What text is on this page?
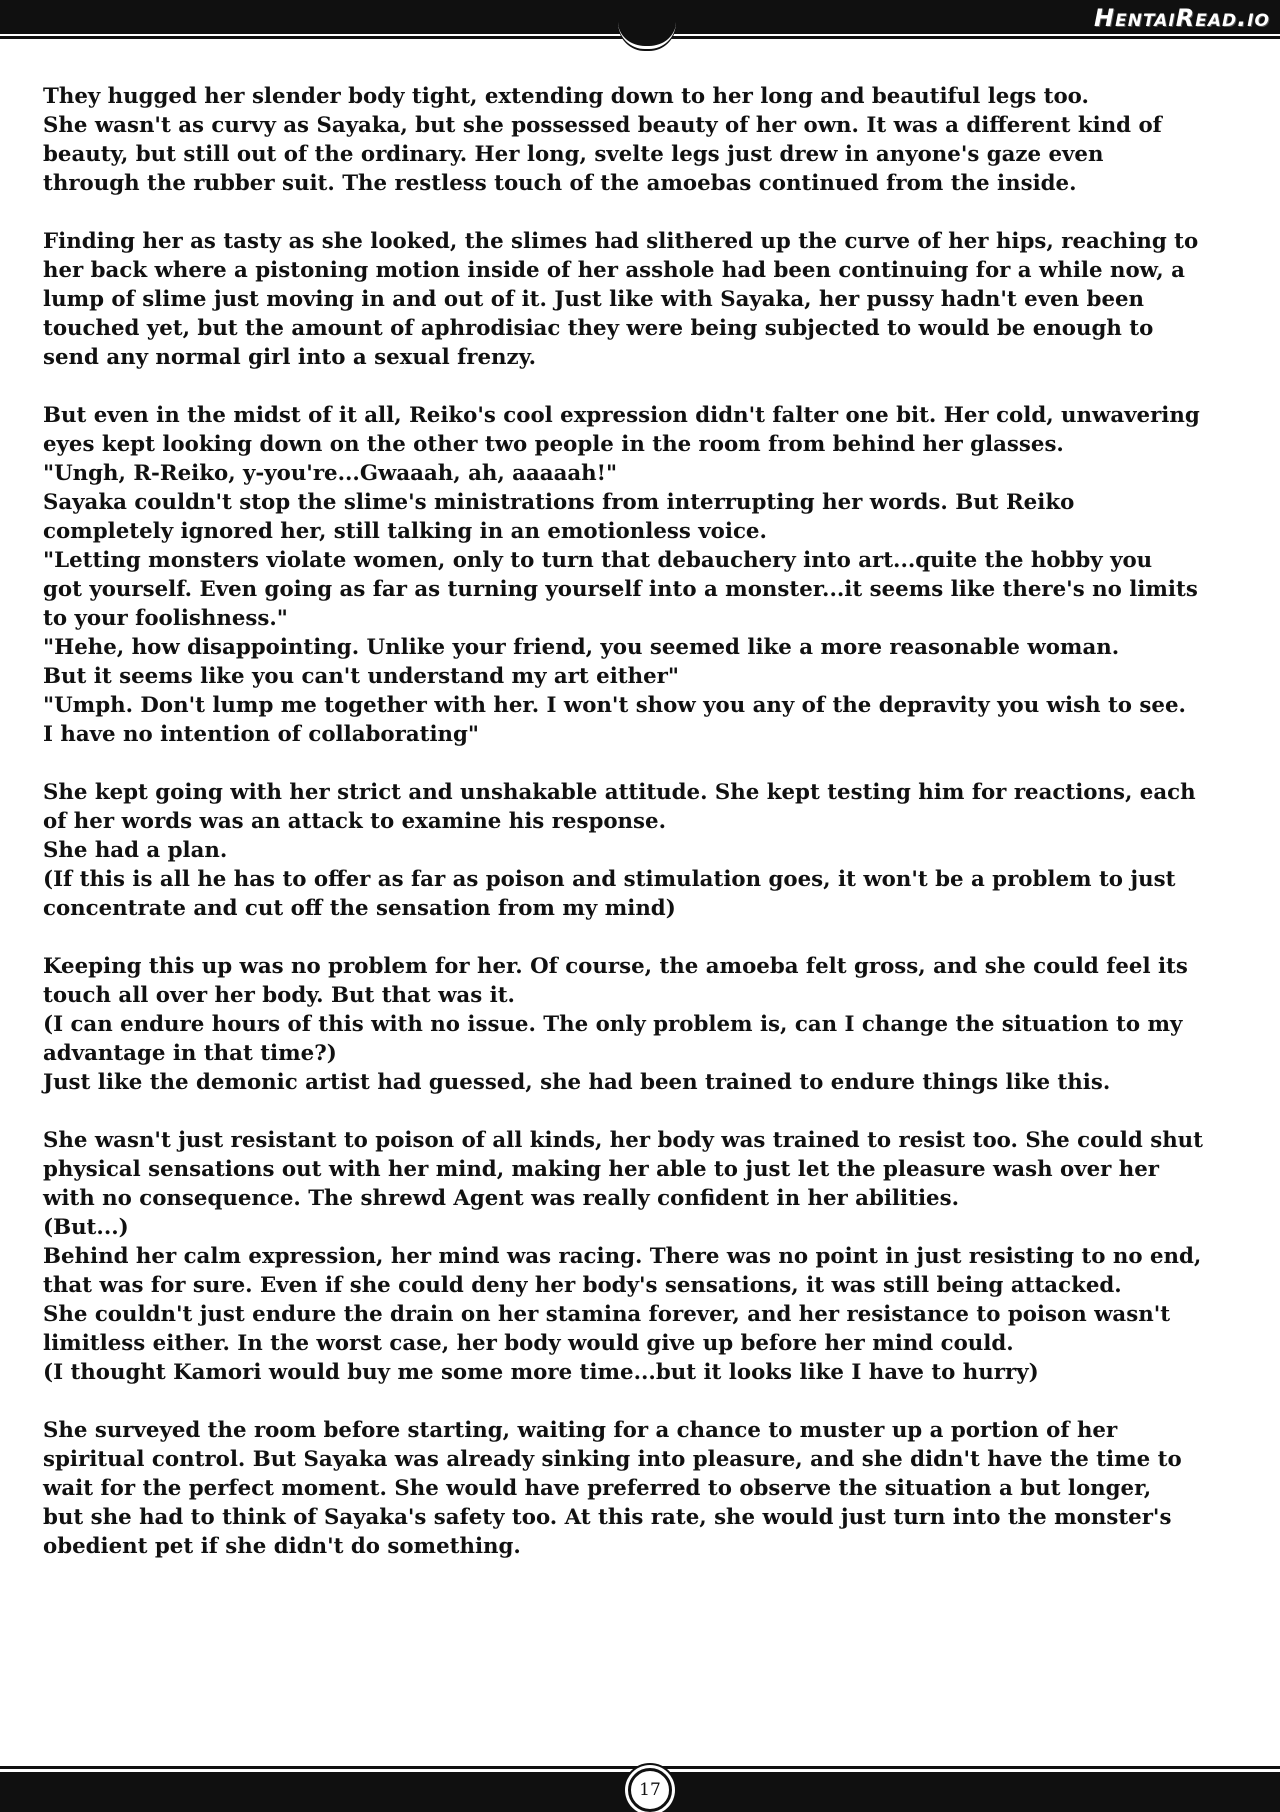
HentaiRead.io
They hugged her slender body tight, extending down to her long and beautiful legs too.
She wasn't as curvy as Sayaka, but she possessed beauty of her own. It was a different kind of
beauty, but still out of the ordinary. Her long, svelte legs just drew in anyone's gaze even
through the rubber suit. The restless touch of the amoebas continued from the inside.
Finding her as tasty as she looked, the slimes had slithered up the curve of her hips, reaching to
her back where a pistoning motion inside of her asshole had been continuing for a while now, a
lump of slime just moving in and out of it. Just like with Sayaka, her pussy hadn't even been
touched yet, but the amount of aphrodisiac they were being subjected to would be enough to
send any normal girl into a sexual frenzy.
But even in the midst of it all, Reiko's cool expression didn't falter one bit. Her cold, unwavering
eyes kept looking down on the other two people in the room from behind her glasses.
"Ungh, R-Reiko, y-you're...Gwaaah, ah, aaaaah!"
Sayaka couldn't stop the slime's ministrations from interrupting her words. But Reiko
completely ignored her, still talking in an emotionless voice.
"Letting monsters violate women, only to turn that debauchery into art...quite the hobby you
got yourself. Even going as far as turning yourself into a monster...it seems like there's no limits
to your foolishness."
"Hehe, how disappointing. Unlike your friend, you seemed like a more reasonable woman.
But it seems like you can't understand my art either"
"Umph. Don't lump me together with her. I won't show you any of the depravity you wish to see.
I have no intention of collaborating"
She kept going with her strict and unshakable attitude. She kept testing him for reactions, each
of her words was an attack to examine his response.
She had a plan.
(If this is all he has to offer as far as poison and stimulation goes, it won't be a problem to just
concentrate and cut off the sensation from my mind)
Keeping this up was no problem for her. Of course, the amoeba felt gross, and she could feel its
touch all over her body. But that was it.
(I can endure hours of this with no issue. The only problem is, can I change the situation to my
advantage in that time?)
Just like the demonic artist had guessed, she had been trained to endure things like this.
She wasn't just resistant to poison of all kinds, her body was trained to resist too. She could shut
physical sensations out with her mind, making her able to just let the pleasure wash over her
with no consequence. The shrewd Agent was really confident in her abilities.
(But...)
Behind her calm expression, her mind was racing. There was no point in just resisting to no end,
that was for sure. Even if she could deny her body's sensations, it was still being attacked.
She couldn't just endure the drain on her stamina forever, and her resistance to poison wasn't
limitless either. In the worst case, her body would give up before her mind could.
(I thought Kamori would buy me some more time...but it looks like I have to hurry)
She surveyed the room before starting, waiting for a chance to muster up a portion of her
spiritual control. But Sayaka was already sinking into pleasure, and she didn't have the time to
wait for the perfect moment. She would have preferred to observe the situation a but longer,
but she had to think of Sayaka's safety too. At this rate, she would just turn into the monster's
obedient pet if she didn't do something.
17
